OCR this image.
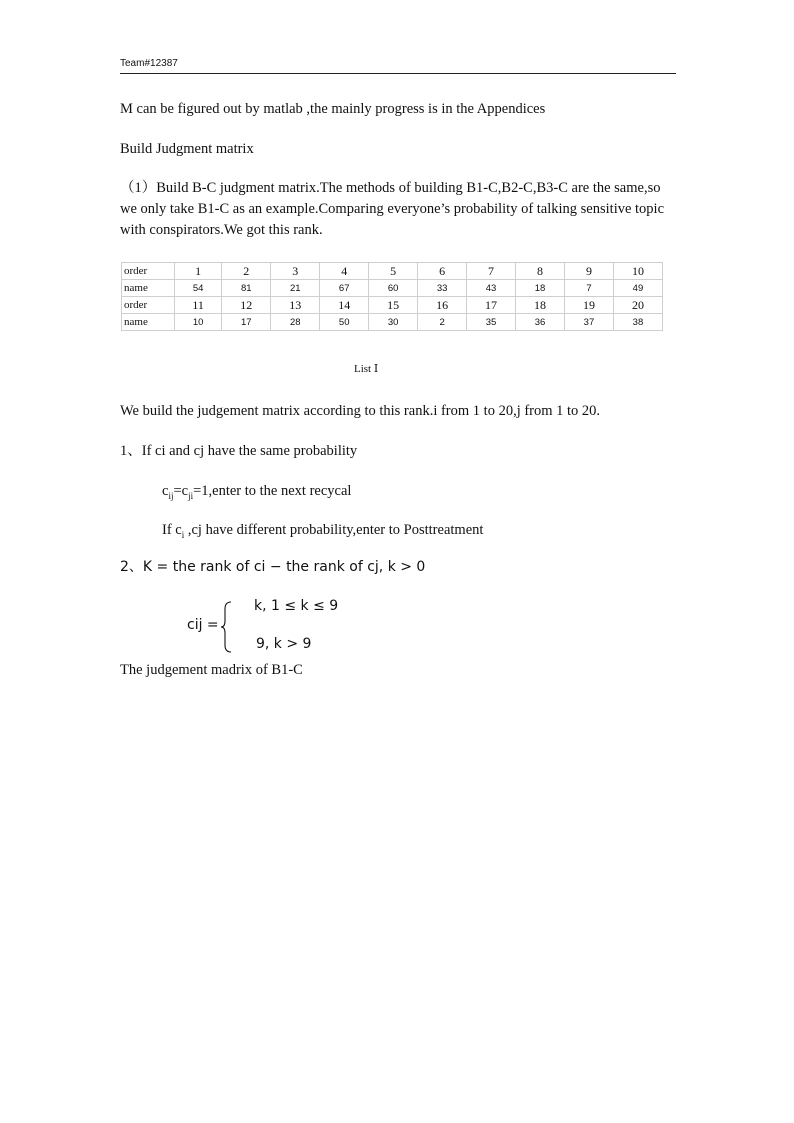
Team#12387
M can be figured out by matlab ,the mainly progress is in the Appendices
Build Judgment matrix
（1）Build B-C judgment matrix.The methods of building B1-C,B2-C,B3-C are the same,so we only take B1-C as an example.Comparing everyone’s probability of talking sensitive topic with conspirators.We got this rank.
order	1	2	3	4	5	6	7	8	9	10
name	54	81	21	67	60	33	43	18	7	49
order	11	12	13	14	15	16	17	18	19	20
name	10	17	28	50	30	2	35	36	37	38
List Ⅰ
We build the judgement matrix according to this rank.i from 1 to 20,j from 1 to 20.
1、If ci and cj have the same probability
$c_{ij}=c_{ji}=1,enter$ to the next recycal
If $c_i$ ,cj have different probability,enter to Posttreatment
2、K = the rank of ci − the rank of cj, k > 0
cij =
k, 1 ≤ k ≤ 9
9, k > 9
The judgement madrix of B1-C
